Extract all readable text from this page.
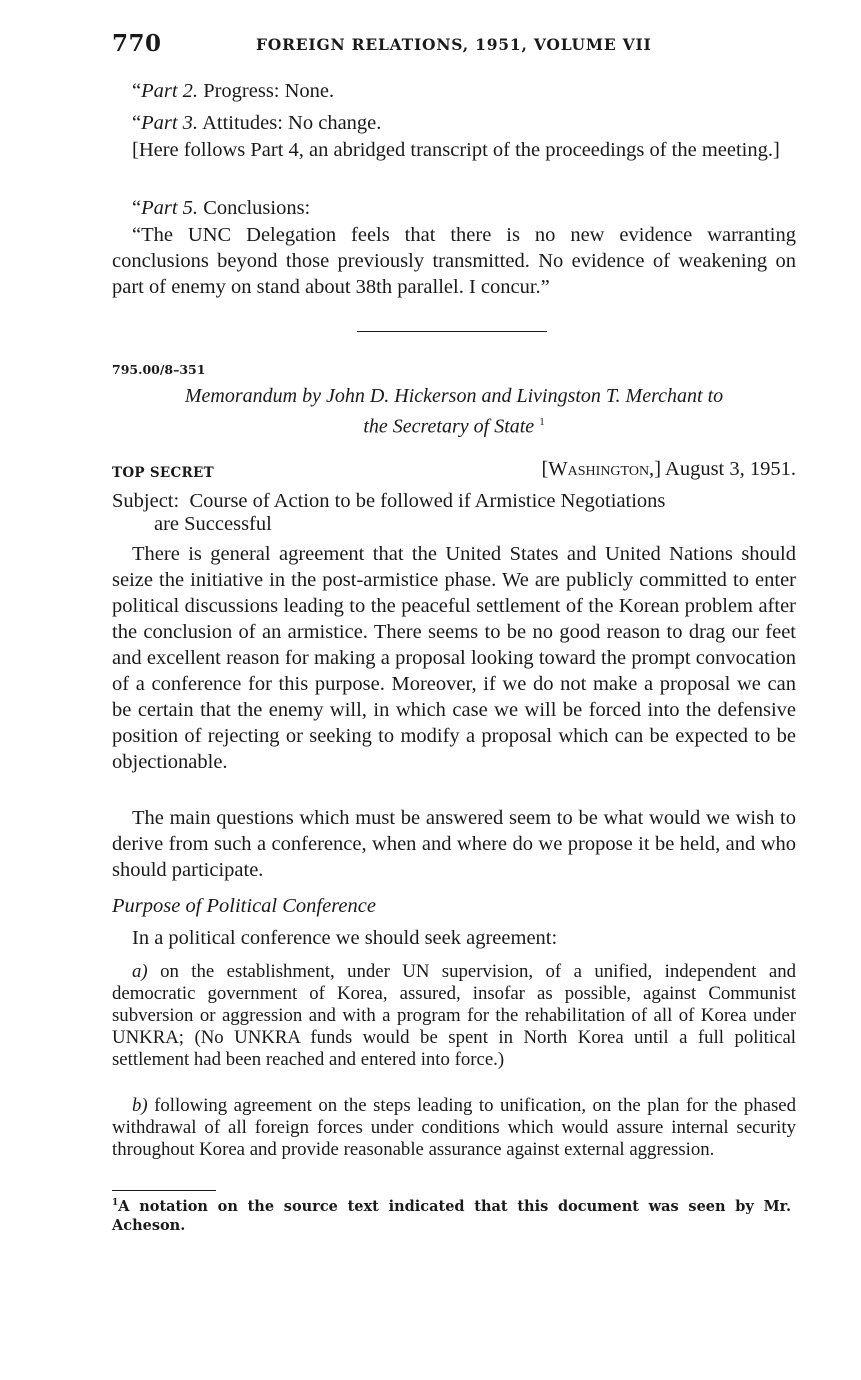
770	FOREIGN RELATIONS, 1951, VOLUME VII
“Part 2. Progress: None.
“Part 3. Attitudes: No change.
[Here follows Part 4, an abridged transcript of the proceedings of the meeting.]
“Part 5. Conclusions:
“The UNC Delegation feels that there is no new evidence warranting conclusions beyond those previously transmitted. No evidence of weakening on part of enemy on stand about 38th parallel. I concur.”
795.00/8–351
Memorandum by John D. Hickerson and Livingston T. Merchant to
the Secretary of State $^1$
TOP SECRET	[Washington,] August 3, 1951.
Subject: Course of Action to be followed if Armistice Negotiations
are Successful
There is general agreement that the United States and United Nations should seize the initiative in the post-armistice phase. We are publicly committed to enter political discussions leading to the peaceful settlement of the Korean problem after the conclusion of an armistice. There seems to be no good reason to drag our feet and excellent reason for making a proposal looking toward the prompt convocation of a conference for this purpose. Moreover, if we do not make a proposal we can be certain that the enemy will, in which case we will be forced into the defensive position of rejecting or seeking to modify a proposal which can be expected to be objectionable.
The main questions which must be answered seem to be what would we wish to derive from such a conference, when and where do we propose it be held, and who should participate.
Purpose of Political Conference
In a political conference we should seek agreement:
a) on the establishment, under UN supervision, of a unified, independent and democratic government of Korea, assured, insofar as possible, against Communist subversion or aggression and with a program for the rehabilitation of all of Korea under UNKRA; (No UNKRA funds would be spent in North Korea until a full political settlement had been reached and entered into force.)
b) following agreement on the steps leading to unification, on the plan for the phased withdrawal of all foreign forces under conditions which would assure internal security throughout Korea and provide reasonable assurance against external aggression.
$^1$A notation on the source text indicated that this document was seen by Mr. Acheson.
